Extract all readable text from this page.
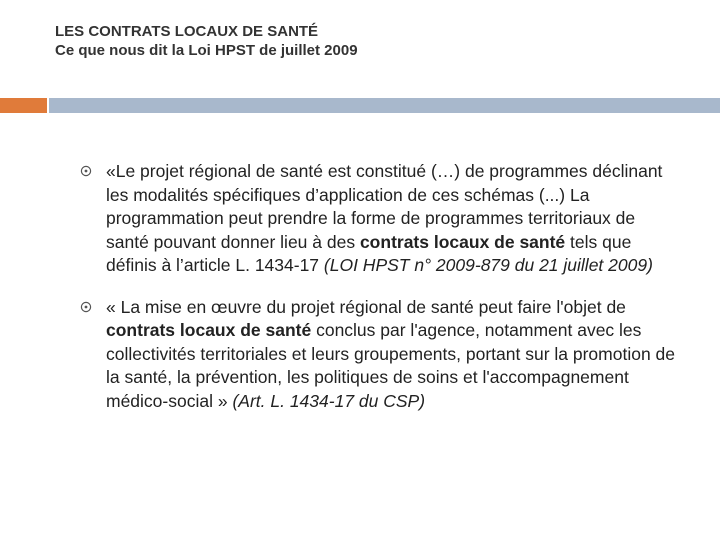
LES CONTRATS LOCAUX DE SANTÉ
Ce que nous dit la Loi HPST de juillet 2009
«Le projet régional de santé est constitué (…) de programmes déclinant les modalités spécifiques d’application de ces schémas (...) La programmation peut prendre la forme de programmes territoriaux de santé pouvant donner lieu à des contrats locaux de santé tels que définis à l’article L. 1434‑17 (LOI HPST n° 2009-879 du 21 juillet 2009)
« La mise en œuvre du projet régional de santé peut faire l'objet de contrats locaux de santé conclus par l'agence, notamment avec les collectivités territoriales et leurs groupements, portant sur la promotion de la santé, la prévention, les politiques de soins et l'accompagnement médico-social » (Art. L. 1434-17 du CSP)
